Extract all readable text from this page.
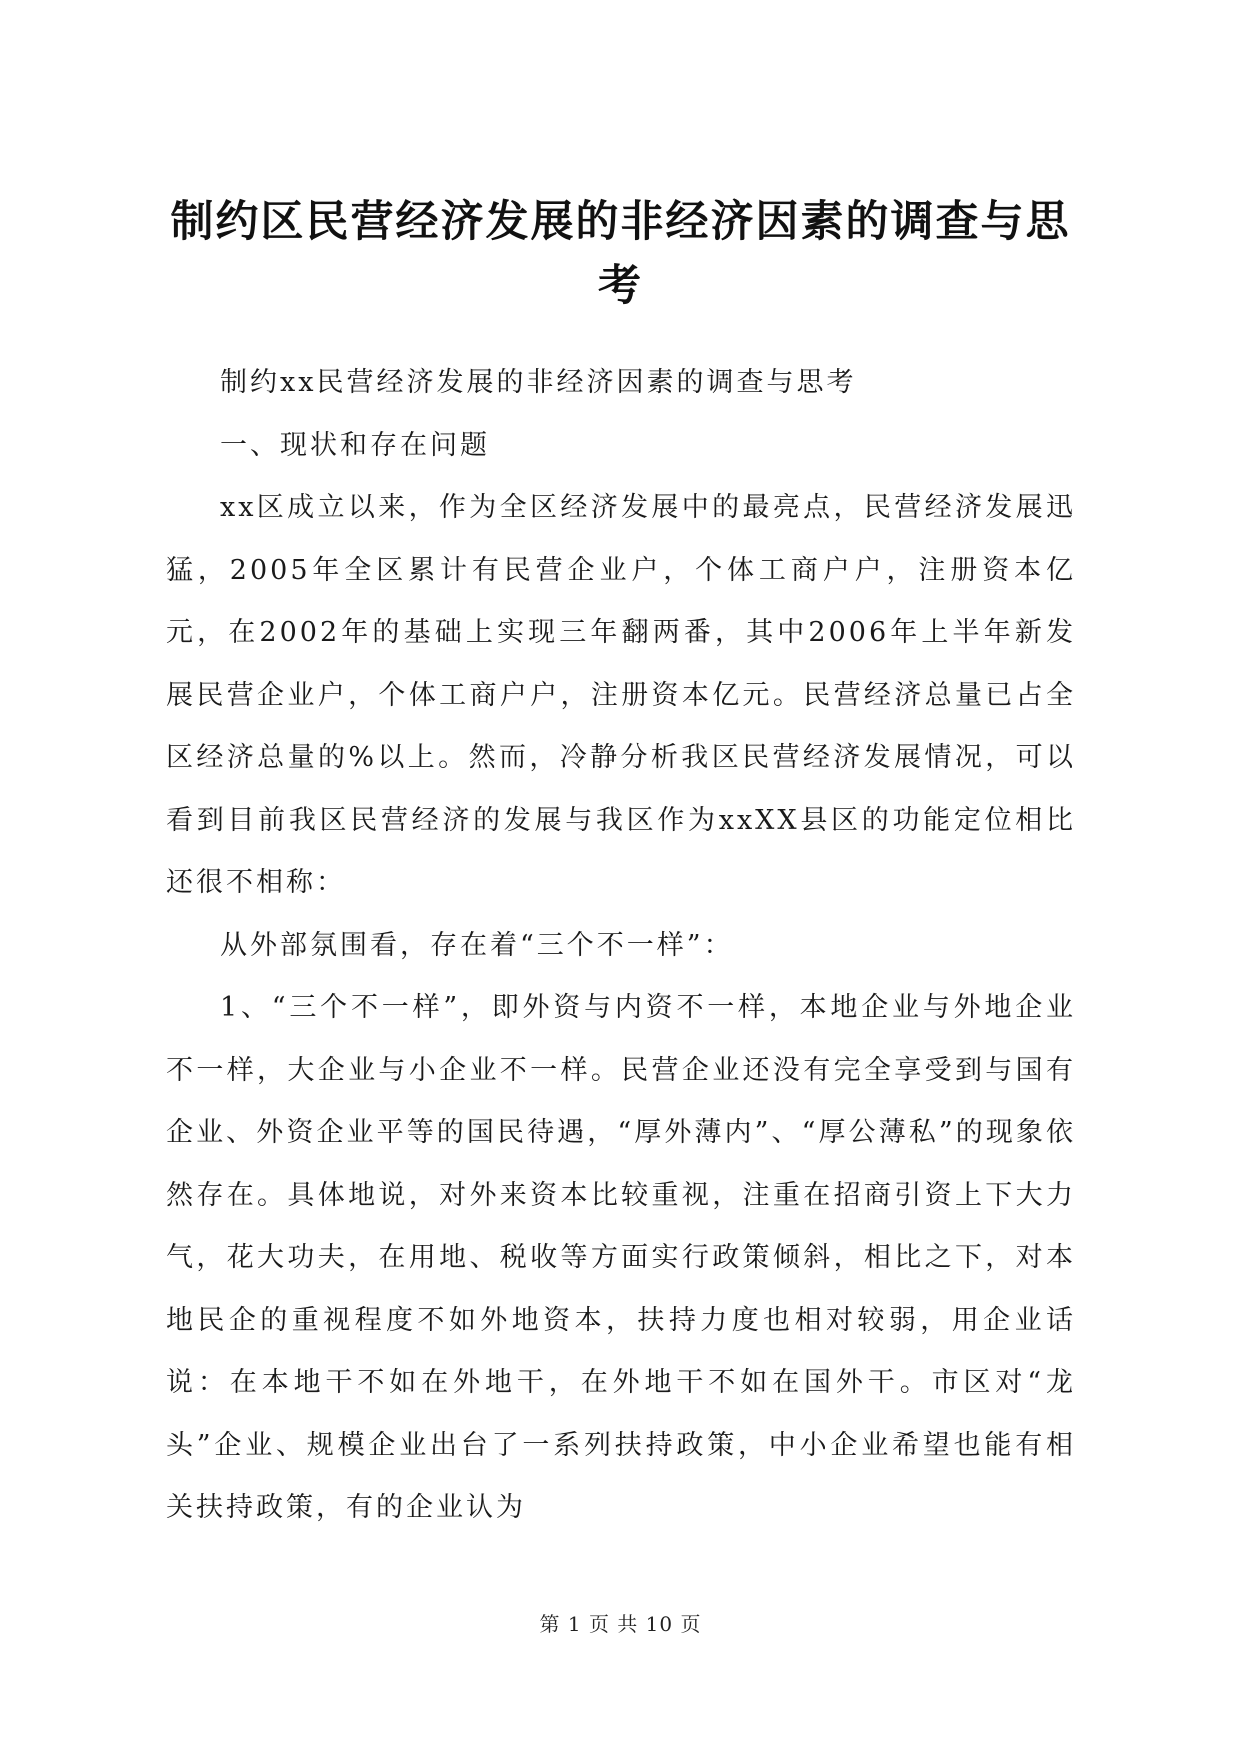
制约区民营经济发展的非经济因素的调查与思考

制约xx民营经济发展的非经济因素的调查与思考

一、现状和存在问题

xx区成立以来，作为全区经济发展中的最亮点，民营经济发展迅猛，2005年全区累计有民营企业户，个体工商户户，注册资本亿元，在2002年的基础上实现三年翻两番，其中2006年上半年新发展民营企业户，个体工商户户，注册资本亿元。民营经济总量已占全区经济总量的%以上。然而，冷静分析我区民营经济发展情况，可以看到目前我区民营经济的发展与我区作为xxXX县区的功能定位相比还很不相称：

从外部氛围看，存在着“三个不一样”：

1、“三个不一样”，即外资与内资不一样，本地企业与外地企业不一样，大企业与小企业不一样。民营企业还没有完全享受到与国有企业、外资企业平等的国民待遇，“厚外薄内”、“厚公薄私”的现象依然存在。具体地说，对外来资本比较重视，注重在招商引资上下大力气，花大功夫，在用地、税收等方面实行政策倾斜，相比之下，对本地民企的重视程度不如外地资本，扶持力度也相对较弱，用企业话说：在本地干不如在外地干，在外地干不如在国外干。市区对“龙头”企业、规模企业出台了一系列扶持政策，中小企业希望也能有相关扶持政策，有的企业认为

第 1 页 共 10 页
